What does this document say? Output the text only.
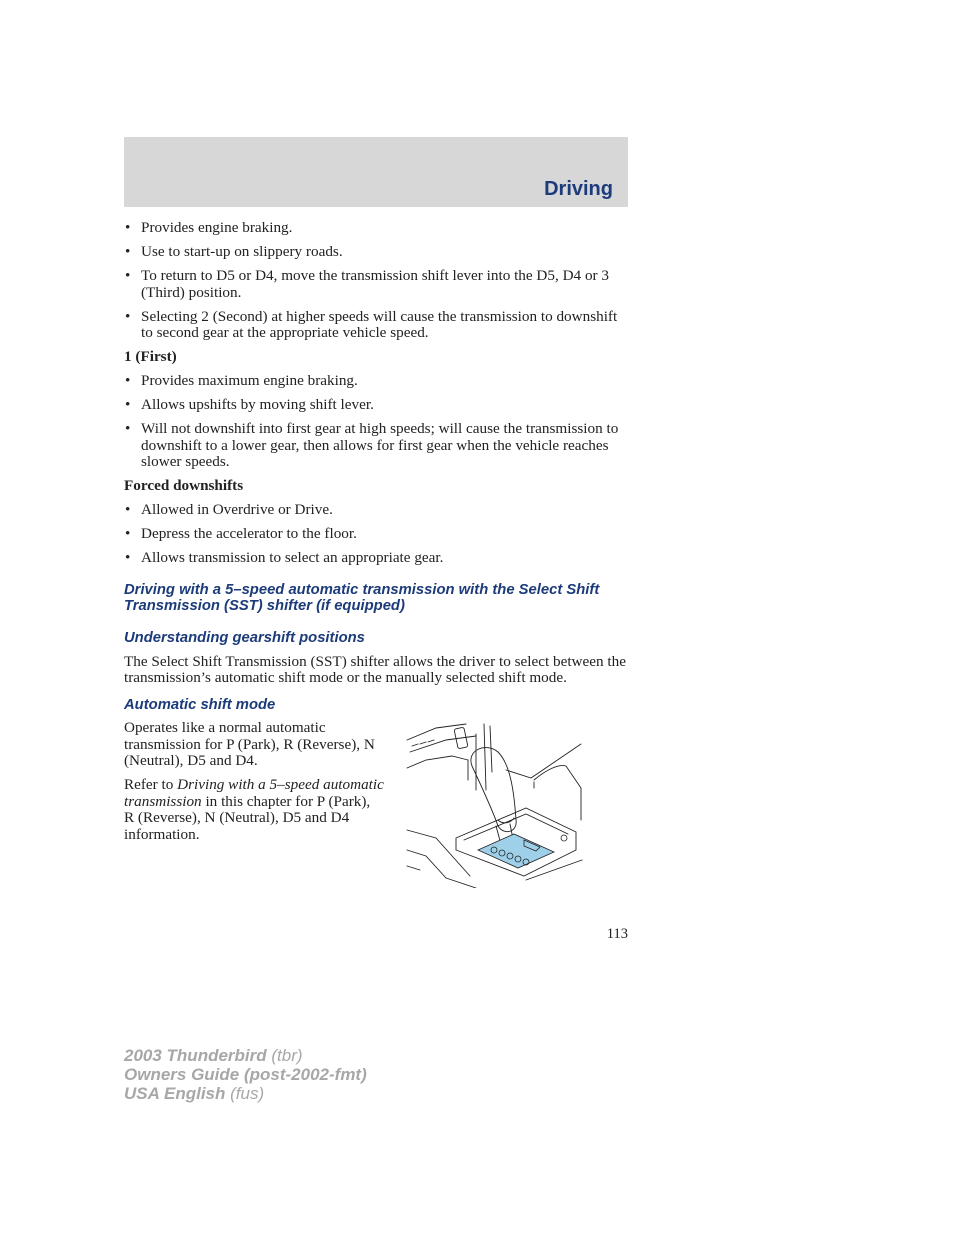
Driving
• Provides engine braking.
• Use to start-up on slippery roads.
• To return to D5 or D4, move the transmission shift lever into the D5, D4 or 3 (Third) position.
• Selecting 2 (Second) at higher speeds will cause the transmission to downshift to second gear at the appropriate vehicle speed.
1 (First)
• Provides maximum engine braking.
• Allows upshifts by moving shift lever.
• Will not downshift into first gear at high speeds; will cause the transmission to downshift to a lower gear, then allows for first gear when the vehicle reaches slower speeds.
Forced downshifts
• Allowed in Overdrive or Drive.
• Depress the accelerator to the floor.
• Allows transmission to select an appropriate gear.
Driving with a 5–speed automatic transmission with the Select Shift Transmission (SST) shifter (if equipped)
Understanding gearshift positions

The Select Shift Transmission (SST) shifter allows the driver to select between the transmission’s automatic shift mode or the manually selected shift mode.

Automatic shift mode

Operates like a normal automatic transmission for P (Park), R (Reverse), N (Neutral), D5 and D4.

Refer to Driving with a 5–speed automatic transmission in this chapter for P (Park), R (Reverse), N (Neutral), D5 and D4 information.

113
2003 Thunderbird (tbr)
Owners Guide (post-2002-fmt)
USA English (fus)
